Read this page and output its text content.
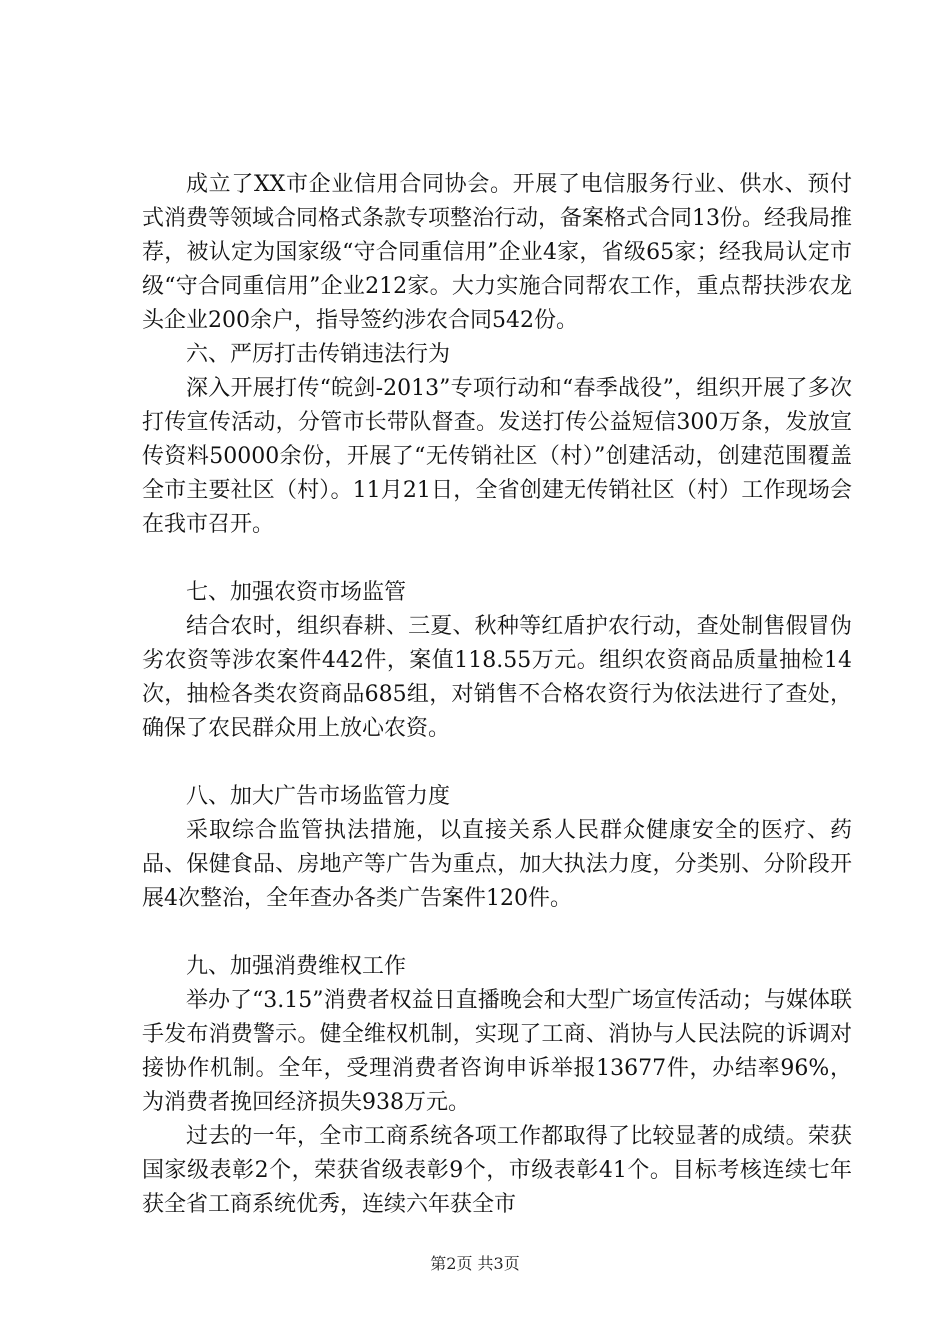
成立了XX市企业信用合同协会。开展了电信服务行业、供水、预付式消费等领域合同格式条款专项整治行动，备案格式合同13份。经我局推荐，被认定为国家级“守合同重信用”企业4家，省级65家；经我局认定市级“守合同重信用”企业212家。大力实施合同帮农工作，重点帮扶涉农龙头企业200余户，指导签约涉农合同542份。

六、严厉打击传销违法行为

深入开展打传“皖剑-2013”专项行动和“春季战役”，组织开展了多次打传宣传活动，分管市长带队督查。发送打传公益短信300万条，发放宣传资料50000余份，开展了“无传销社区（村）”创建活动，创建范围覆盖全市主要社区（村）。11月21日，全省创建无传销社区（村）工作现场会在我市召开。

七、加强农资市场监管

结合农时，组织春耕、三夏、秋种等红盾护农行动，查处制售假冒伪劣农资等涉农案件442件，案值118.55万元。组织农资商品质量抽检14次，抽检各类农资商品685组，对销售不合格农资行为依法进行了查处，确保了农民群众用上放心农资。

八、加大广告市场监管力度

采取综合监管执法措施，以直接关系人民群众健康安全的医疗、药品、保健食品、房地产等广告为重点，加大执法力度，分类别、分阶段开展4次整治，全年查办各类广告案件120件。

九、加强消费维权工作

举办了“3.15”消费者权益日直播晚会和大型广场宣传活动；与媒体联手发布消费警示。健全维权机制，实现了工商、消协与人民法院的诉调对接协作机制。全年，受理消费者咨询申诉举报13677件，办结率96%，为消费者挽回经济损失938万元。

过去的一年，全市工商系统各项工作都取得了比较显著的成绩。荣获国家级表彰2个，荣获省级表彰9个，市级表彰41个。目标考核连续七年获全省工商系统优秀，连续六年获全市

第2页 共3页
